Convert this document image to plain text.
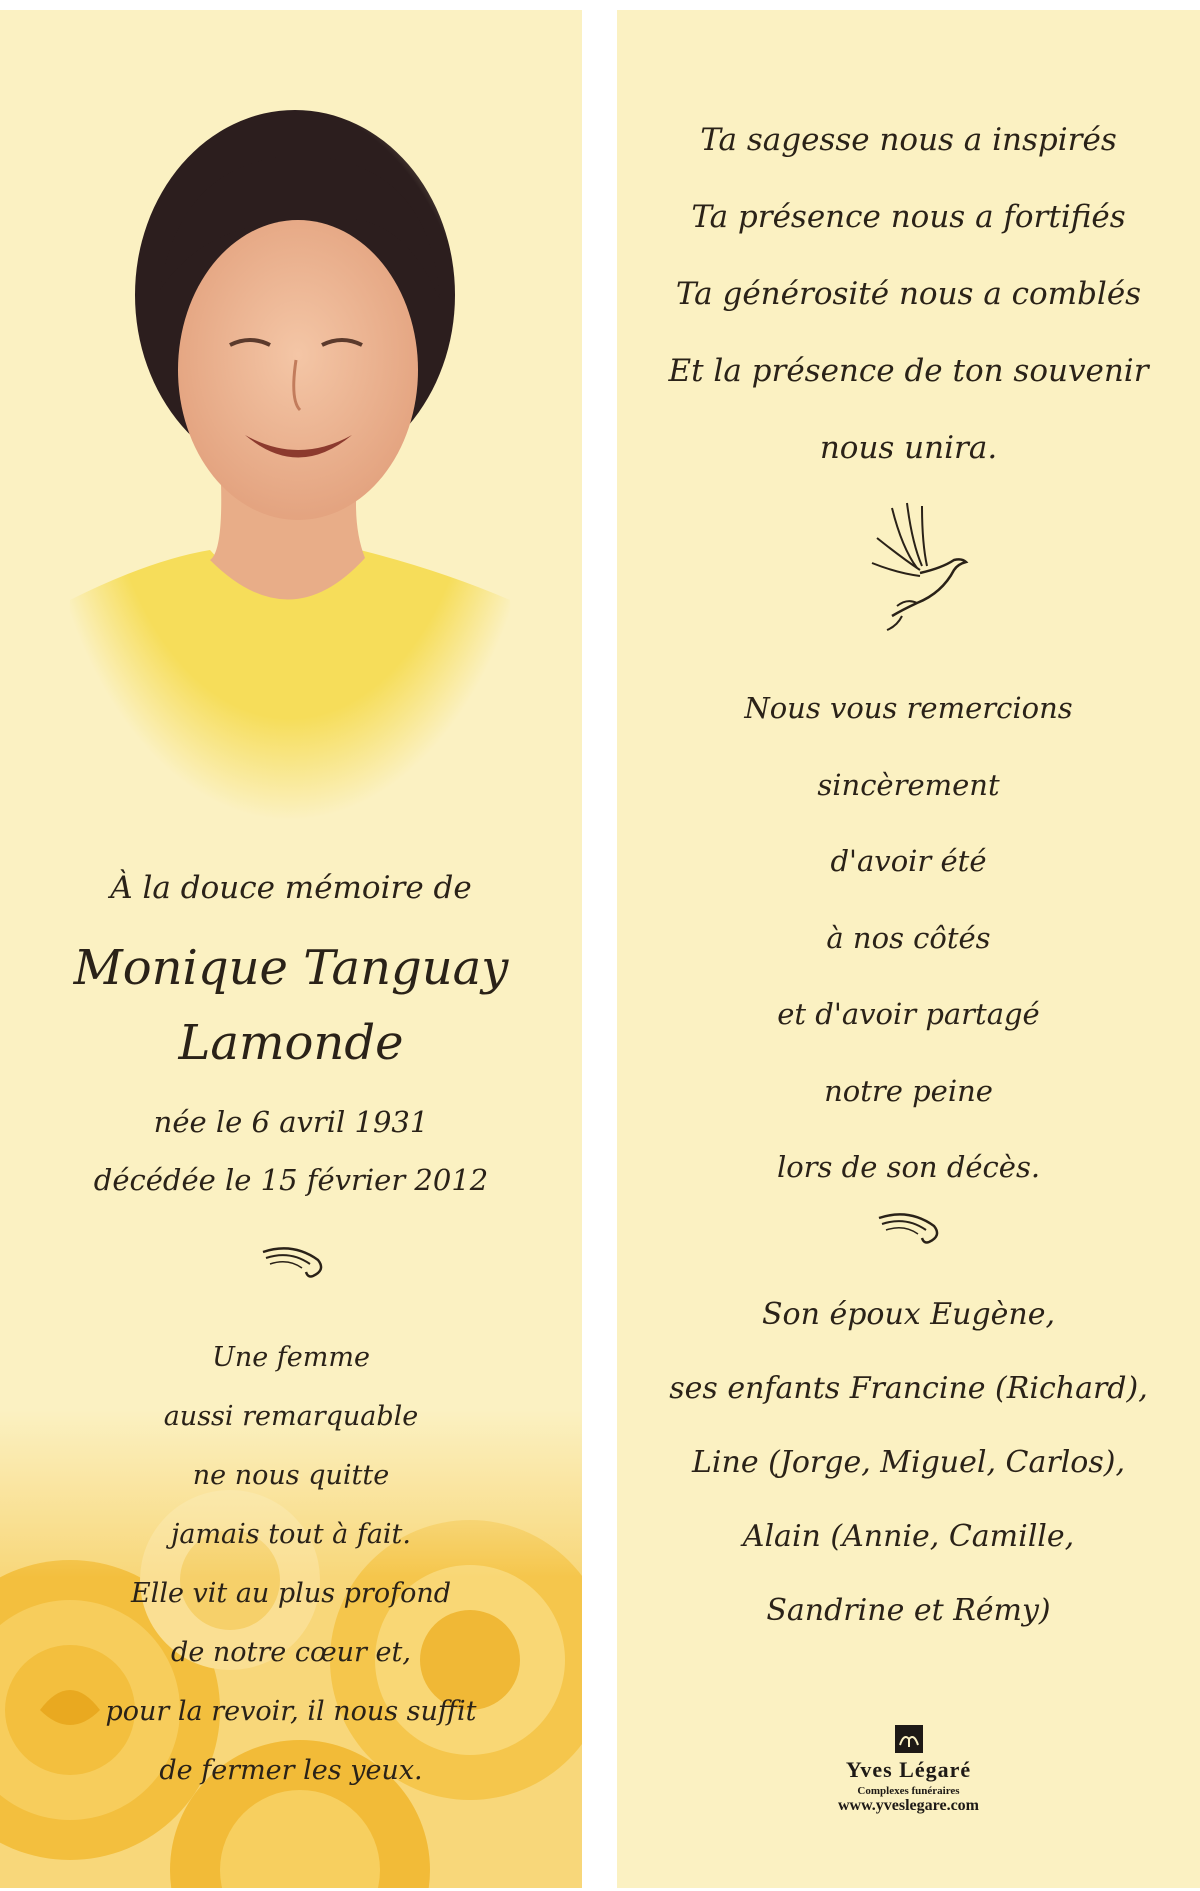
À la douce mémoire de
Monique Tanguay
Lamonde
née le 6 avril 1931
décédée le 15 février 2012
Une femme
aussi remarquable
ne nous quitte
jamais tout à fait.
Elle vit au plus profond
de notre cœur et,
pour la revoir, il nous suffit
de fermer les yeux.
Ta sagesse nous a inspirés
Ta présence nous a fortifiés
Ta générosité nous a comblés
Et la présence de ton souvenir
nous unira.
Nous vous remercions
sincèrement
d'avoir été
à nos côtés
et d'avoir partagé
notre peine
lors de son décès.
Son époux Eugène,
ses enfants Francine (Richard),
Line (Jorge, Miguel, Carlos),
Alain (Annie, Camille,
Sandrine et Rémy)
Yves Légaré
Complexes funéraires
www.yveslegare.com
